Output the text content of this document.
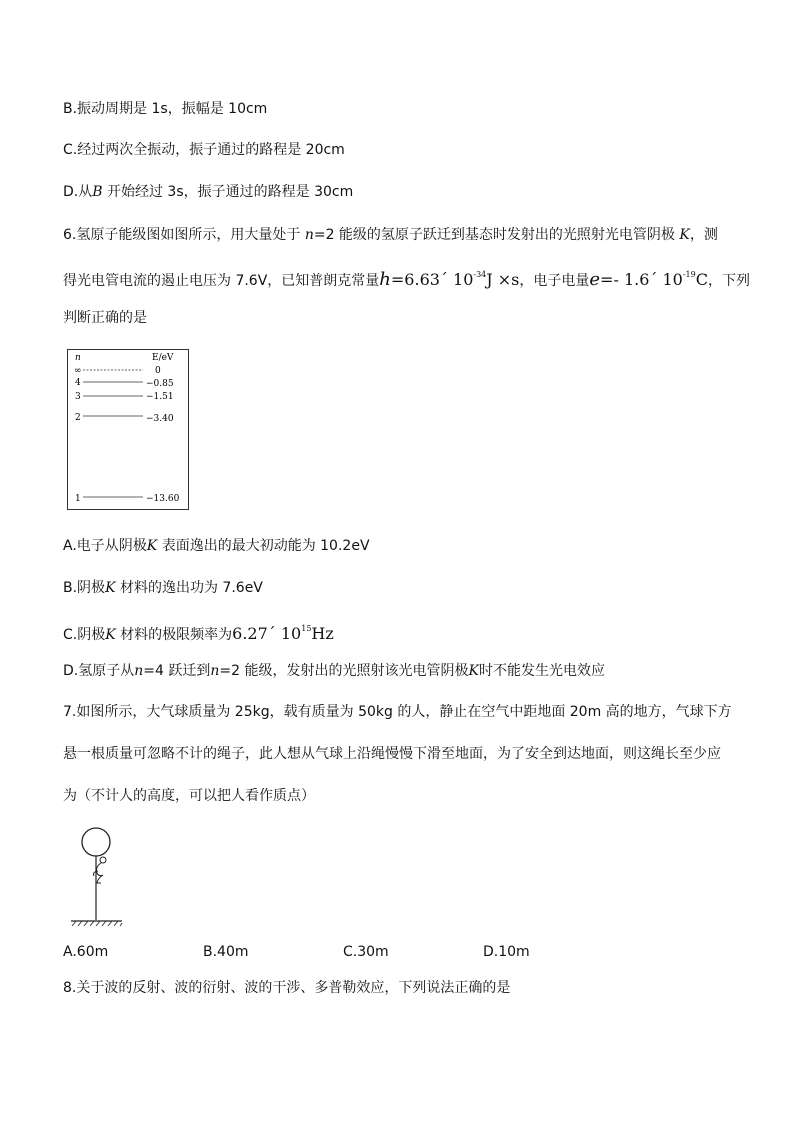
B.振动周期是 1s，振幅是 10cm
C.经过两次全振动，振子通过的路程是 20cm
D.从B 开始经过 3s，振子通过的路程是 30cm
6.氢原子能级图如图所示，用大量处于 n=2 能级的氢原子跃迁到基态时发射出的光照射光电管阴极 K，测
得光电管电流的遏止电压为 7.6V，已知普朗克常量h=6.63´ $10^{-34}J \times s$，电子电量e=- 1.6´ $10^{-19}C$，下列
判断正确的是
n	E/eV
∞	0
4	−0.85
3	−1.51
2	−3.40
1	−13.60
A.电子从阴极K 表面逸出的最大初动能为 10.2eV
B.阴极K 材料的逸出功为 7.6eV
C.阴极K 材料的极限频率为6.27´ $10^{15}Hz$
D.氢原子从n=4 跃迁到n=2 能级，发射出的光照射该光电管阴极K时不能发生光电效应
7.如图所示，大气球质量为 25kg，载有质量为 50kg 的人，静止在空气中距地面 20m 高的地方，气球下方
悬一根质量可忽略不计的绳子，此人想从气球上沿绳慢慢下滑至地面，为了安全到达地面，则这绳长至少应
为（不计人的高度，可以把人看作质点）
A.60m	B.40m	C.30m	D.10m
8.关于波的反射、波的衍射、波的干涉、多普勒效应，下列说法正确的是
